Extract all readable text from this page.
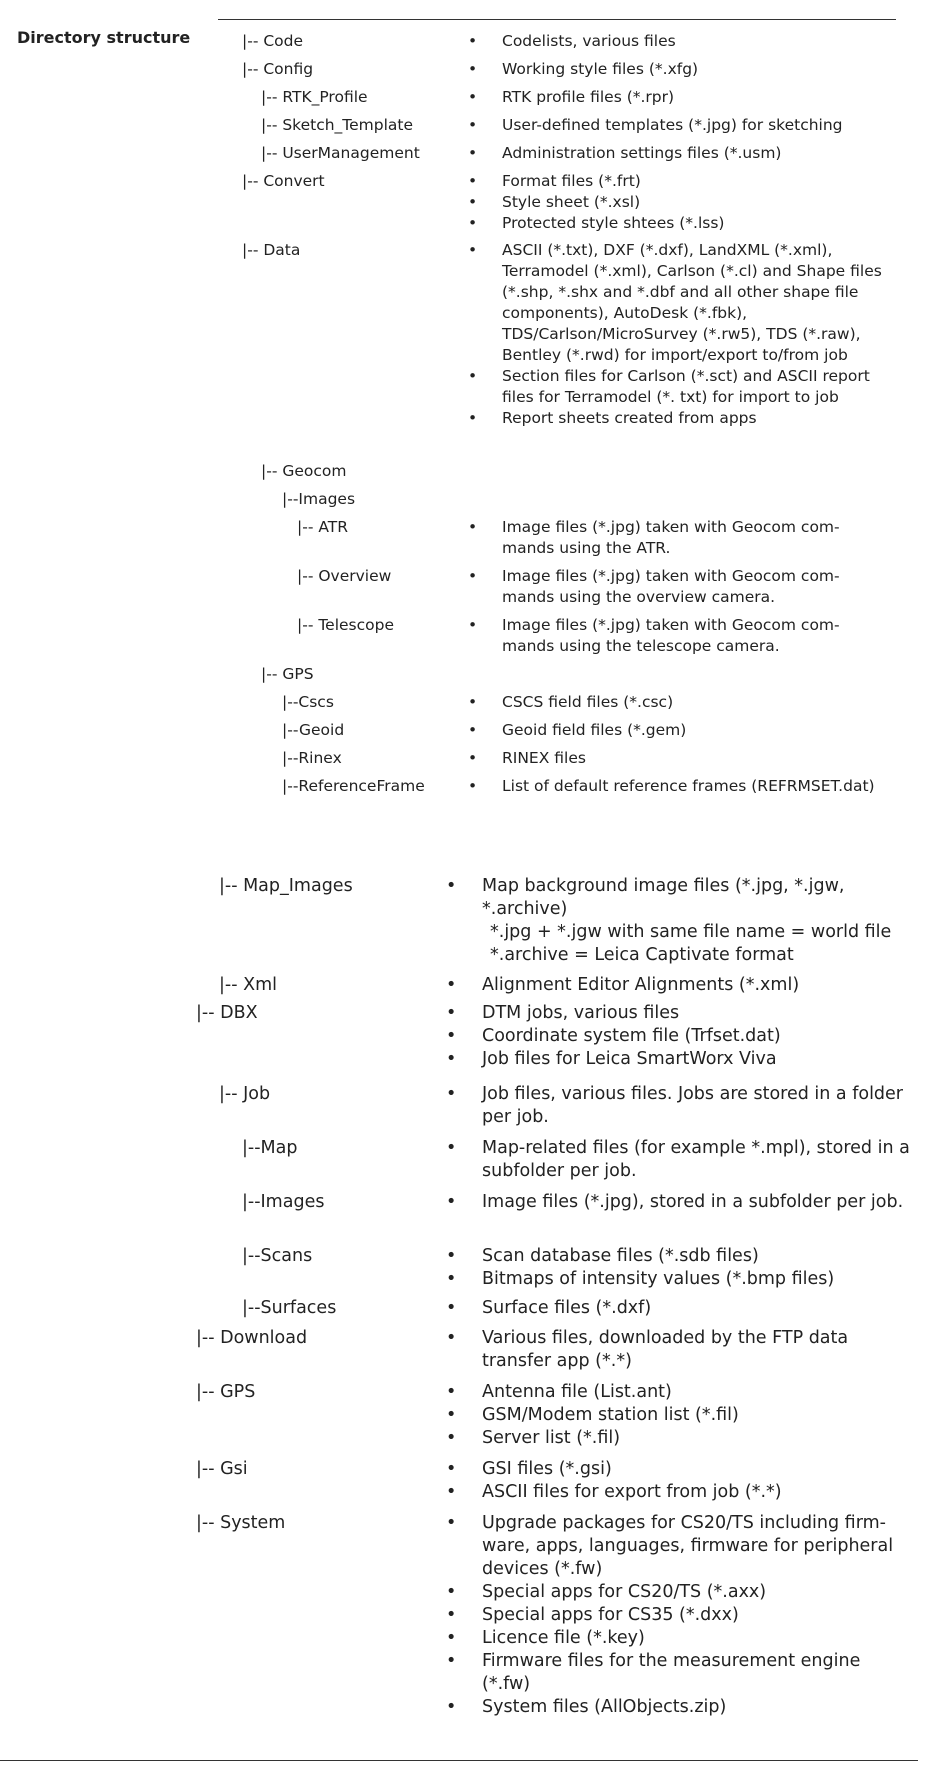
Directory structure	|-- Code	• Codelists, various files
|-- Config	• Working style files (*.xfg)
|-- RTK_Profile	• RTK profile files (*.rpr)
|-- Sketch_Template	• User-defined templates (*.jpg) for sketching
|-- UserManagement	• Administration settings files (*.usm)
|-- Convert	• Format files (*.frt)
• Style sheet (*.xsl)
• Protected style shtees (*.lss)
|-- Data	• ASCII (*.txt), DXF (*.dxf), LandXML (*.xml), Terramodel (*.xml), Carlson (*.cl) and Shape files (*.shp, *.shx and *.dbf and all other shape file components), AutoDesk (*.fbk), TDS/Carlson/MicroSurvey (*.rw5), TDS (*.raw), Bentley (*.rwd) for import/export to/from job
• Section files for Carlson (*.sct) and ASCII report files for Terramodel (*. txt) for import to job
• Report sheets created from apps
|-- Geocom
|--Images
|-- ATR	• Image files (*.jpg) taken with Geocom com-mands using the ATR.
|-- Overview	• Image files (*.jpg) taken with Geocom com-mands using the overview camera.
|-- Telescope	• Image files (*.jpg) taken with Geocom com-mands using the telescope camera.
|-- GPS
|--Cscs	• CSCS field files (*.csc)
|--Geoid	• Geoid field files (*.gem)
|--Rinex	• RINEX files
|--ReferenceFrame	• List of default reference frames (REFRMSET.dat)
|-- Map_Images	• Map background image files (*.jpg, *.jgw, *.archive)
*.jpg + *.jgw with same file name = world file
*.archive = Leica Captivate format
|-- Xml	• Alignment Editor Alignments (*.xml)
|-- DBX	• DTM jobs, various files
• Coordinate system file (Trfset.dat)
• Job files for Leica SmartWorx Viva
|-- Job	• Job files, various files. Jobs are stored in a folder per job.
|--Map	• Map-related files (for example *.mpl), stored in a subfolder per job.
|--Images	• Image files (*.jpg), stored in a subfolder per job.
|--Scans	• Scan database files (*.sdb files)
• Bitmaps of intensity values (*.bmp files)
|--Surfaces	• Surface files (*.dxf)
|-- Download	• Various files, downloaded by the FTP data transfer app (*.*)
|-- GPS	• Antenna file (List.ant)
• GSM/Modem station list (*.fil)
• Server list (*.fil)
|-- Gsi	• GSI files (*.gsi)
• ASCII files for export from job (*.*)
|-- System	• Upgrade packages for CS20/TS including firm-ware, apps, languages, firmware for peripheral devices (*.fw)
• Special apps for CS20/TS (*.axx)
• Special apps for CS35 (*.dxx)
• Licence file (*.key)
• Firmware files for the measurement engine (*.fw)
• System files (AllObjects.zip)
